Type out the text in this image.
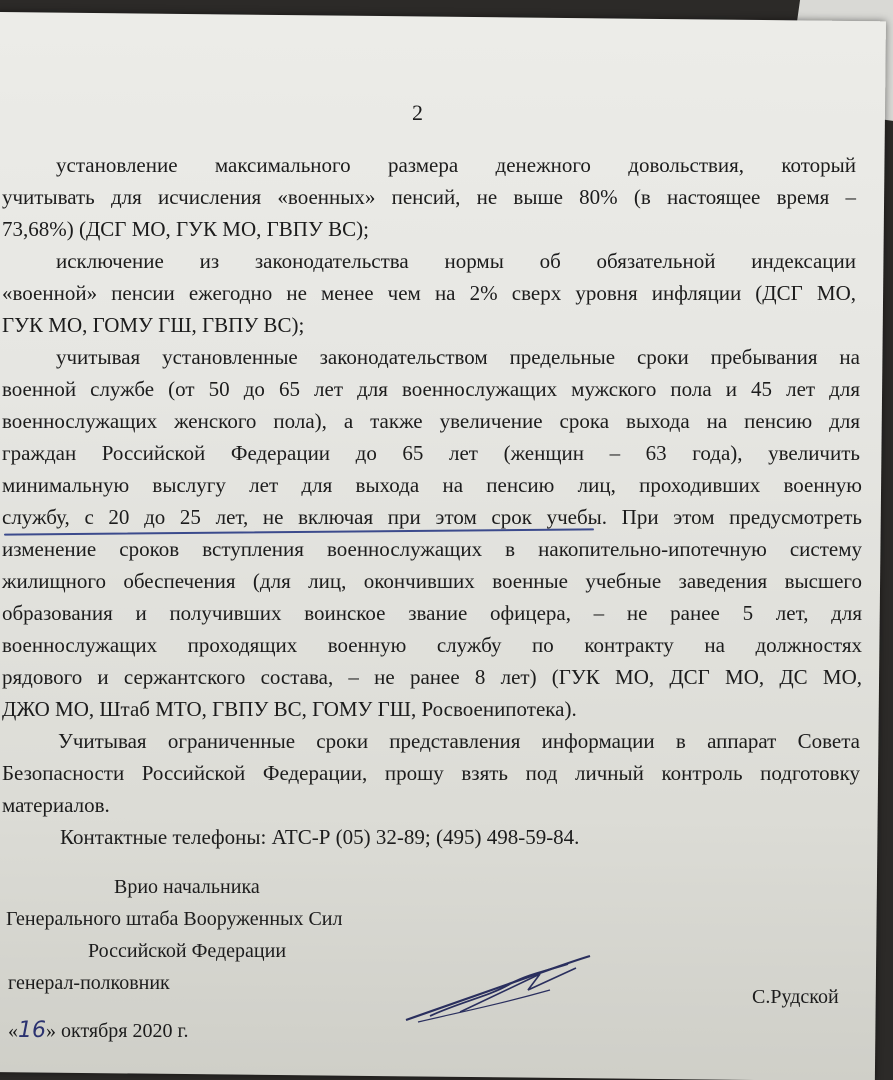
2
установление максимального размера денежного довольствия, который
учитывать для исчисления «военных» пенсий, не выше 80% (в настоящее время –
73,68%) (ДСГ МО, ГУК МО, ГВПУ ВС);
исключение из законодательства нормы об обязательной индексации
«военной» пенсии ежегодно не менее чем на 2% сверх уровня инфляции (ДСГ МО,
ГУК МО, ГОМУ ГШ, ГВПУ ВС);
учитывая установленные законодательством предельные сроки пребывания на
военной службе (от 50 до 65 лет для военнослужащих мужского пола и 45 лет для
военнослужащих женского пола), а также увеличение срока выхода на пенсию для
граждан Российской Федерации до 65 лет (женщин – 63 года), увеличить
минимальную выслугу лет для выхода на пенсию лиц, проходивших военную
службу, с 20 до 25 лет, не включая при этом срок учебы. При этом предусмотреть
изменение сроков вступления военнослужащих в накопительно-ипотечную систему
жилищного обеспечения (для лиц, окончивших военные учебные заведения высшего
образования и получивших воинское звание офицера, – не ранее 5 лет, для
военнослужащих проходящих военную службу по контракту на должностях
рядового и сержантского состава, – не ранее 8 лет) (ГУК МО, ДСГ МО, ДС МО,
ДЖО МО, Штаб МТО, ГВПУ ВС, ГОМУ ГШ, Росвоенипотека).
Учитывая ограниченные сроки представления информации в аппарат Совета
Безопасности Российской Федерации, прошу взять под личный контроль подготовку
материалов.
Контактные телефоны: АТС-Р (05) 32-89; (495) 498-59-84.
Врио начальника
Генерального штаба Вооруженных Сил
Российской Федерации
генерал-полковник
С.Рудской
«16» октября 2020 г.
